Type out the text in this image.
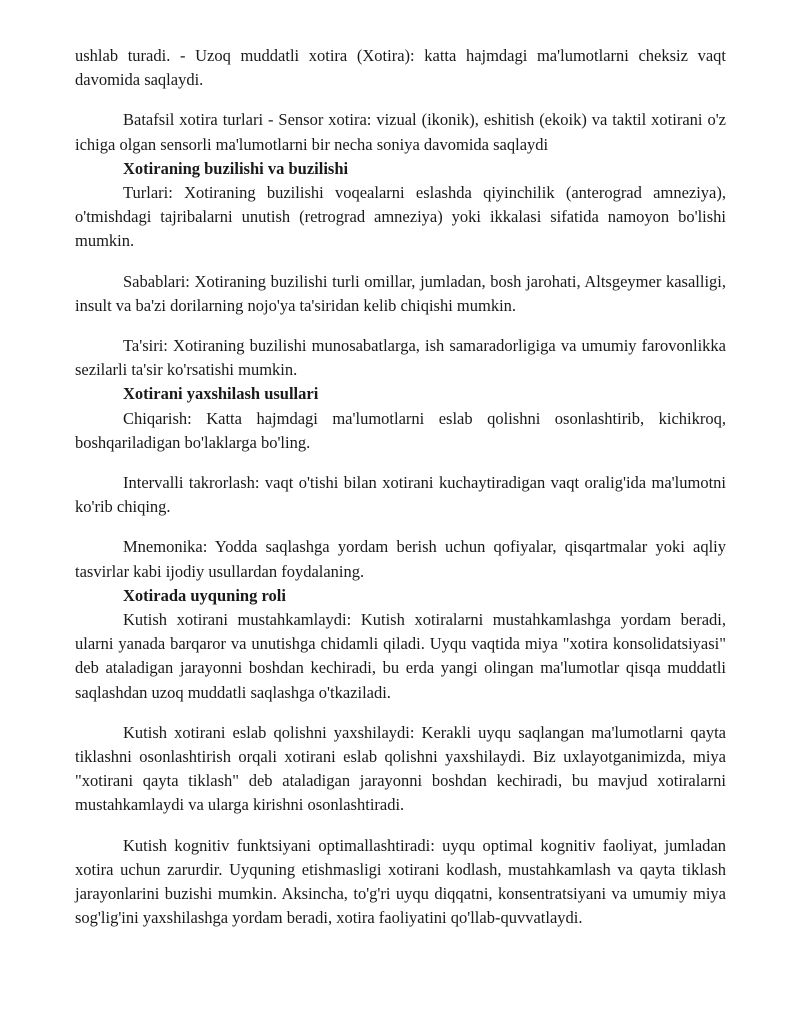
ushlab turadi. - Uzoq muddatli xotira (Xotira): katta hajmdagi ma'lumotlarni cheksiz vaqt davomida saqlaydi.

Batafsil xotira turlari - Sensor xotira: vizual (ikonik), eshitish (ekoik) va taktil xotirani o'z ichiga olgan sensorli ma'lumotlarni bir necha soniya davomida saqlaydi

Xotiraning buzilishi va buzilishi

Turlari: Xotiraning buzilishi voqealarni eslashda qiyinchilik (anterograd amneziya), o'tmishdagi tajribalarni unutish (retrograd amneziya) yoki ikkalasi sifatida namoyon bo'lishi mumkin.

Sabablari: Xotiraning buzilishi turli omillar, jumladan, bosh jarohati, Altsgeymer kasalligi, insult va ba'zi dorilarning nojo'ya ta'siridan kelib chiqishi mumkin.

Ta'siri: Xotiraning buzilishi munosabatlarga, ish samaradorligiga va umumiy farovonlikka sezilarli ta'sir ko'rsatishi mumkin.

Xotirani yaxshilash usullari

Chiqarish: Katta hajmdagi ma'lumotlarni eslab qolishni osonlashtirib, kichikroq, boshqariladigan bo'laklarga bo'ling.

Intervalli takrorlash: vaqt o'tishi bilan xotirani kuchaytiradigan vaqt oralig'ida ma'lumotni ko'rib chiqing.

Mnemonika: Yodda saqlashga yordam berish uchun qofiyalar, qisqartmalar yoki aqliy tasvirlar kabi ijodiy usullardan foydalaning.

Xotirada uyquning roli

Kutish xotirani mustahkamlaydi: Kutish xotiralarni mustahkamlashga yordam beradi, ularni yanada barqaror va unutishga chidamli qiladi. Uyqu vaqtida miya "xotira konsolidatsiyasi" deb ataladigan jarayonni boshdan kechiradi, bu erda yangi olingan ma'lumotlar qisqa muddatli saqlashdan uzoq muddatli saqlashga o'tkaziladi.

Kutish xotirani eslab qolishni yaxshilaydi: Kerakli uyqu saqlangan ma'lumotlarni qayta tiklashni osonlashtirish orqali xotirani eslab qolishni yaxshilaydi. Biz uxlayotganimizda, miya "xotirani qayta tiklash" deb ataladigan jarayonni boshdan kechiradi, bu mavjud xotiralarni mustahkamlaydi va ularga kirishni osonlashtiradi.

Kutish kognitiv funktsiyani optimallashtiradi: uyqu optimal kognitiv faoliyat, jumladan xotira uchun zarurdir. Uyquning etishmasligi xotirani kodlash, mustahkamlash va qayta tiklash jarayonlarini buzishi mumkin. Aksincha, to'g'ri uyqu diqqatni, konsentratsiyani va umumiy miya sog'lig'ini yaxshilashga yordam beradi, xotira faoliyatini qo'llab-quvvatlaydi.
